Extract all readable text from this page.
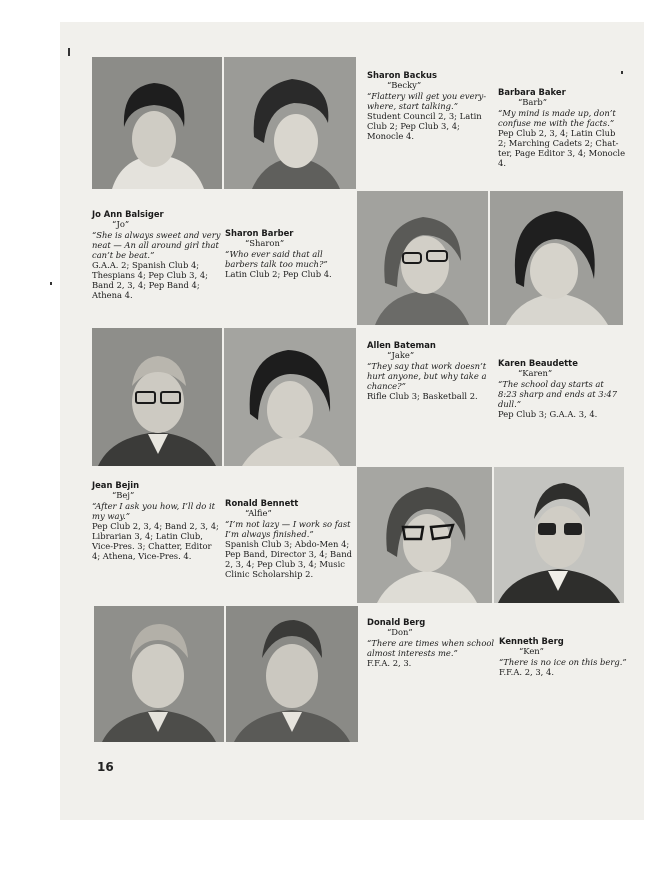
Sharon Backus
“Becky”
“Flattery will get you every-where, start talking.”
Student Council 2, 3; Latin Club 2; Pep Club 3, 4; Monocle 4.
Barbara Baker
“Barb”
“My mind is made up, don’t confuse me with the facts.”
Pep Club 2, 3, 4; Latin Club 2; Marching Cadets 2; Chat-ter, Page Editor 3, 4; Monocle 4.
Jo Ann Balsiger
“Jo”
“She is always sweet and very neat — An all around girl that can’t be beat.”
G.A.A. 2; Spanish Club 4; Thespians 4; Pep Club 3, 4; Band 2, 3, 4; Pep Band 4; Athena 4.
Sharon Barber
“Sharon”
“Who ever said that all barbers talk too much?”
Latin Club 2; Pep Club 4.
Allen Bateman
“Jake”
“They say that work doesn’t hurt anyone, but why take a chance?”
Rifle Club 3; Basketball 2.
Karen Beaudette
“Karen”
“The school day starts at 8:23 sharp and ends at 3:47 dull.”
Pep Club 3; G.A.A. 3, 4.
Jean Bejin
“Bej”
“After I ask you how, I’ll do it my way.”
Pep Club 2, 3, 4; Band 2, 3, 4; Librarian 3, 4; Latin Club, Vice-Pres. 3; Chatter, Editor 4; Athena, Vice-Pres. 4.
Ronald Bennett
“Alfie”
“I’m not lazy — I work so fast I’m always finished.”
Spanish Club 3; Abdo-Men 4; Pep Band, Director 3, 4; Band 2, 3, 4; Pep Club 3, 4; Music Clinic Scholarship 2.
Donald Berg
“Don”
“There are times when school almost interests me.”
F.F.A. 2, 3.
Kenneth Berg
“Ken”
“There is no ice on this berg.”
F.F.A. 2, 3, 4.
16
